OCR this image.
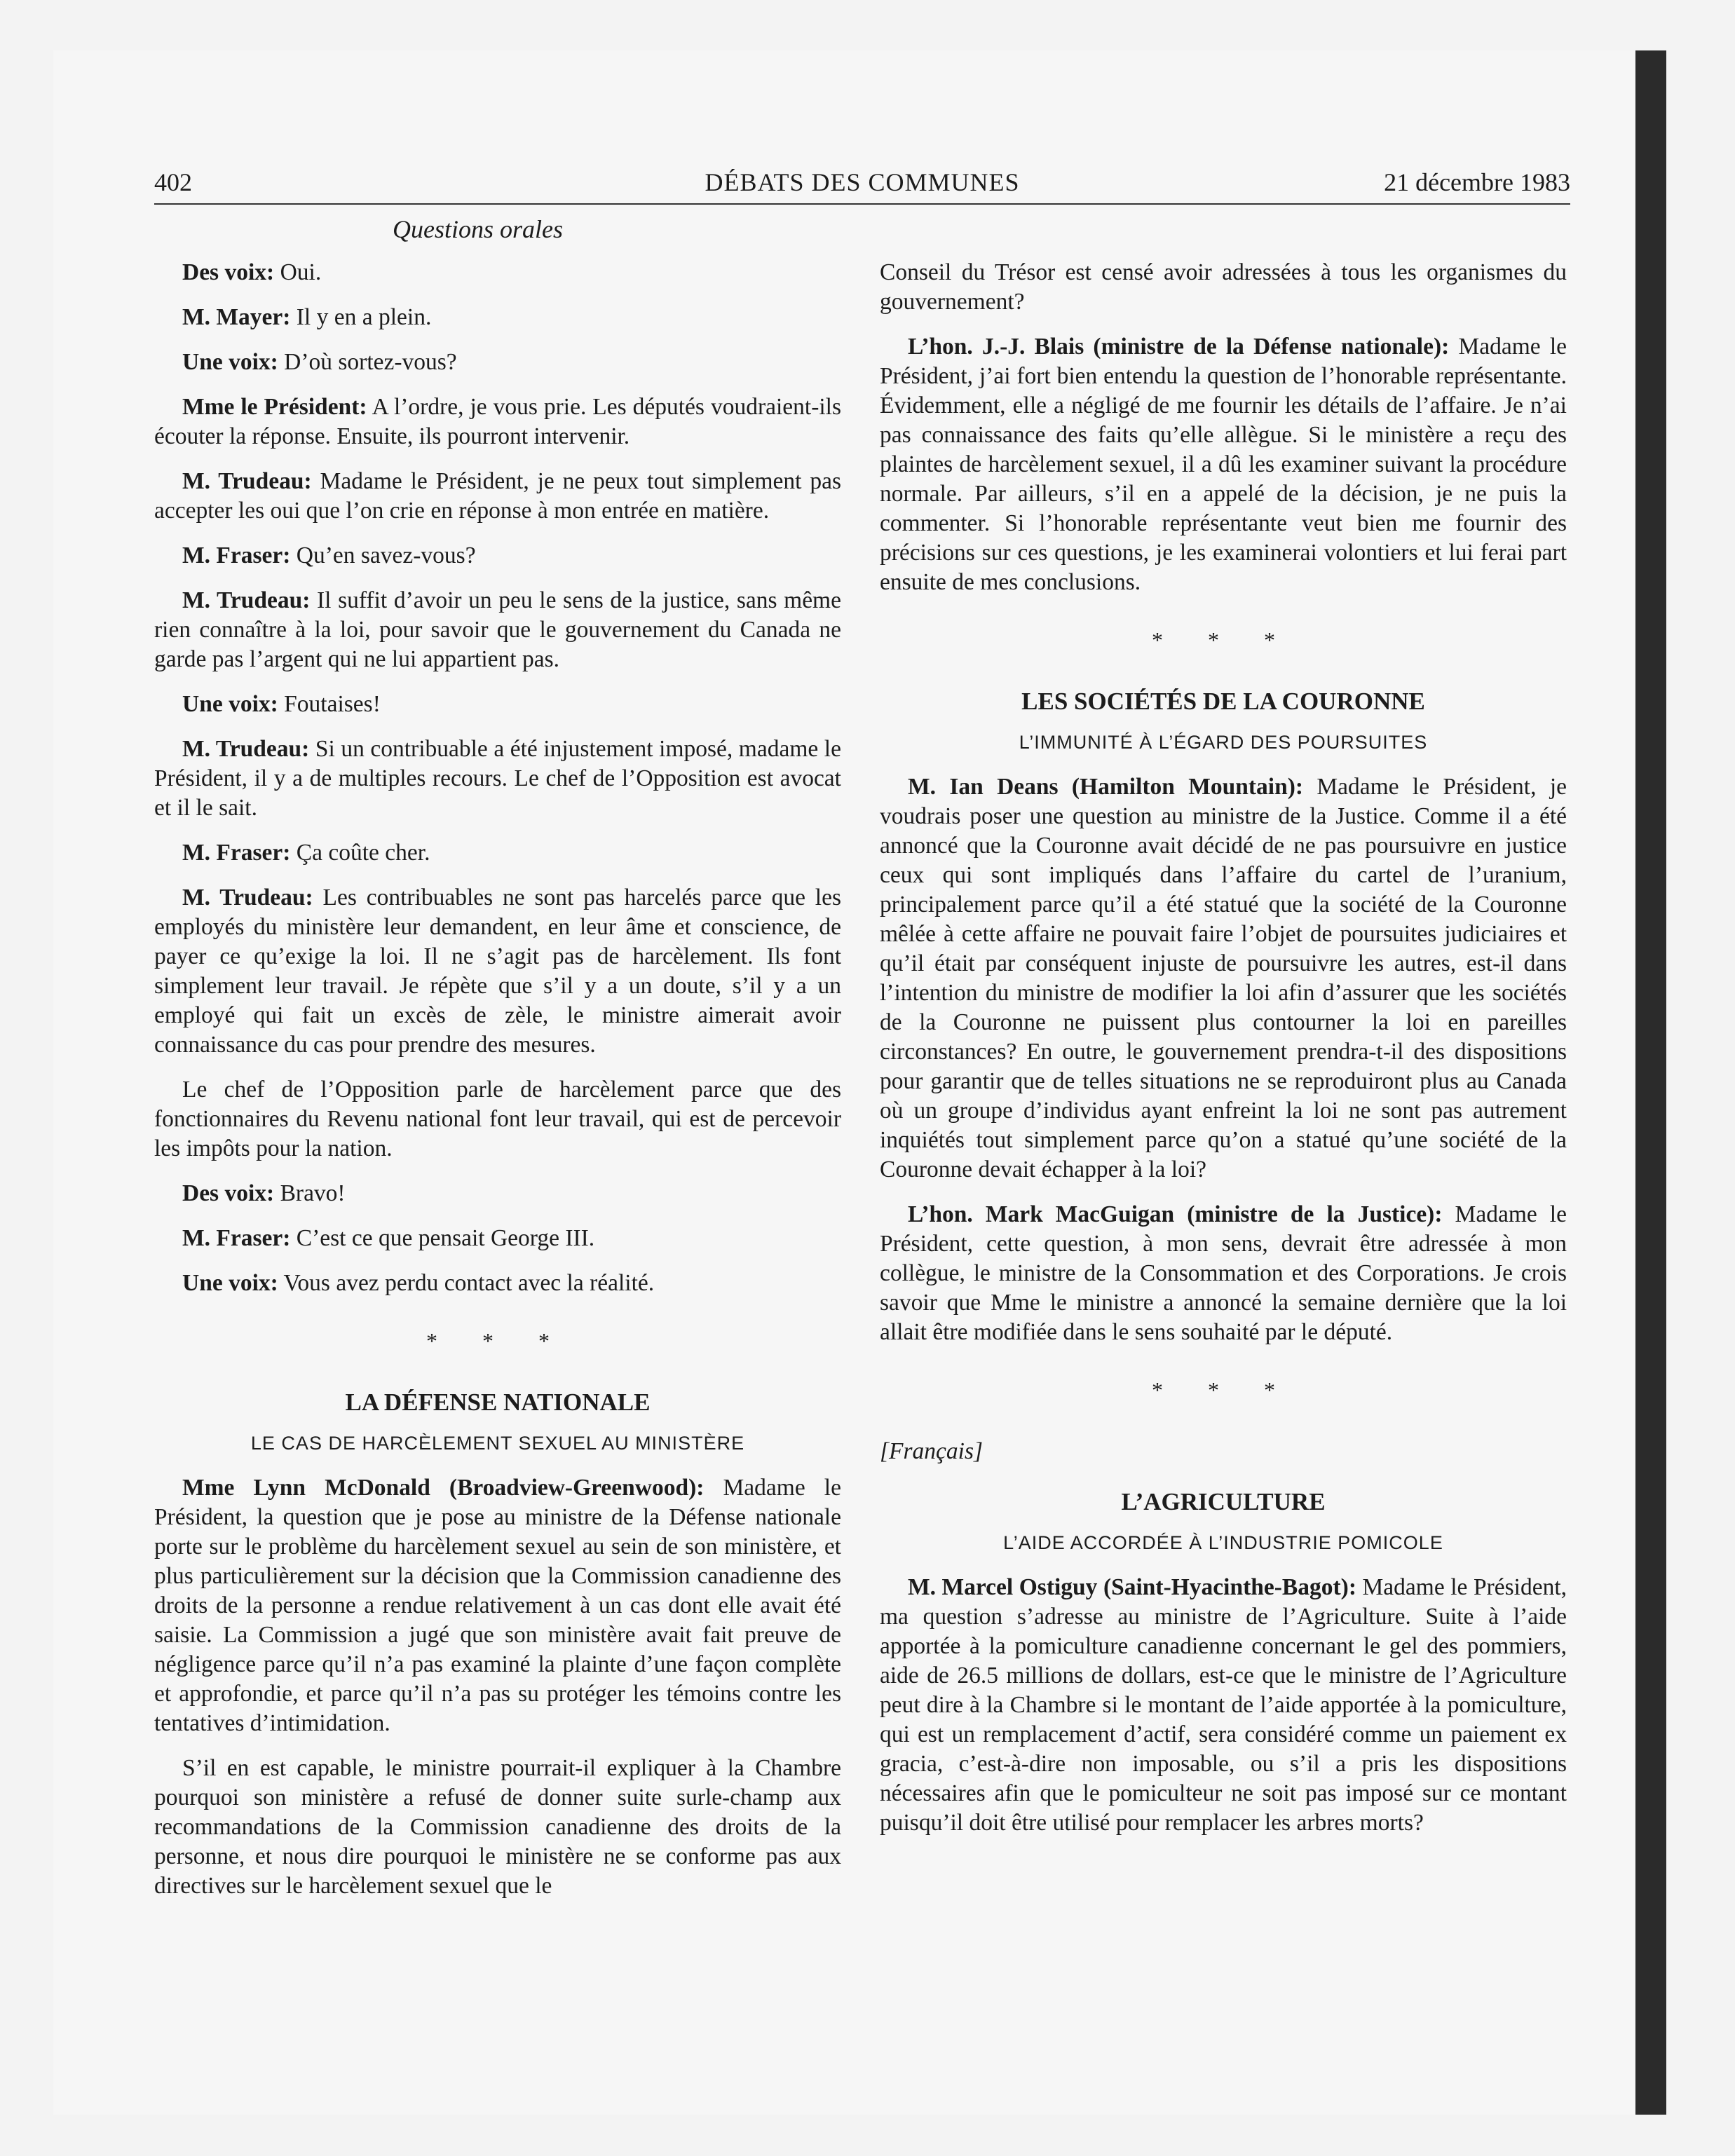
402	DÉBATS DES COMMUNES	21 décembre 1983
Questions orales

Des voix: Oui.

M. Mayer: Il y en a plein.

Une voix: D’où sortez-vous?

Mme le Président: A l’ordre, je vous prie. Les députés voudraient-ils écouter la réponse. Ensuite, ils pourront intervenir.

M. Trudeau: Madame le Président, je ne peux tout simplement pas accepter les oui que l’on crie en réponse à mon entrée en matière.

M. Fraser: Qu’en savez-vous?

M. Trudeau: Il suffit d’avoir un peu le sens de la justice, sans même rien connaître à la loi, pour savoir que le gouvernement du Canada ne garde pas l’argent qui ne lui appartient pas.

Une voix: Foutaises!

M. Trudeau: Si un contribuable a été injustement imposé, madame le Président, il y a de multiples recours. Le chef de l’Opposition est avocat et il le sait.

M. Fraser: Ça coûte cher.

M. Trudeau: Les contribuables ne sont pas harcelés parce que les employés du ministère leur demandent, en leur âme et conscience, de payer ce qu’exige la loi. Il ne s’agit pas de harcèlement. Ils font simplement leur travail. Je répète que s’il y a un doute, s’il y a un employé qui fait un excès de zèle, le ministre aimerait avoir connaissance du cas pour prendre des mesures.

Le chef de l’Opposition parle de harcèlement parce que des fonctionnaires du Revenu national font leur travail, qui est de percevoir les impôts pour la nation.

Des voix: Bravo!

M. Fraser: C’est ce que pensait George III.

Une voix: Vous avez perdu contact avec la réalité.

* * *
LA DÉFENSE NATIONALE
LE CAS DE HARCÈLEMENT SEXUEL AU MINISTÈRE

Mme Lynn McDonald (Broadview-Greenwood): Madame le Président, la question que je pose au ministre de la Défense nationale porte sur le problème du harcèlement sexuel au sein de son ministère, et plus particulièrement sur la décision que la Commission canadienne des droits de la personne a rendue relativement à un cas dont elle avait été saisie. La Commission a jugé que son ministère avait fait preuve de négligence parce qu’il n’a pas examiné la plainte d’une façon complète et approfondie, et parce qu’il n’a pas su protéger les témoins contre les tentatives d’intimidation.

S’il en est capable, le ministre pourrait-il expliquer à la Chambre pourquoi son ministère a refusé de donner suite surle-champ aux recommandations de la Commission canadienne des droits de la personne, et nous dire pourquoi le ministère ne se conforme pas aux directives sur le harcèlement sexuel que le

Conseil du Trésor est censé avoir adressées à tous les organismes du gouvernement?

L’hon. J.-J. Blais (ministre de la Défense nationale): Madame le Président, j’ai fort bien entendu la question de l’honorable représentante. Évidemment, elle a négligé de me fournir les détails de l’affaire. Je n’ai pas connaissance des faits qu’elle allègue. Si le ministère a reçu des plaintes de harcèlement sexuel, il a dû les examiner suivant la procédure normale. Par ailleurs, s’il en a appelé de la décision, je ne puis la commenter. Si l’honorable représentante veut bien me fournir des précisions sur ces questions, je les examinerai volontiers et lui ferai part ensuite de mes conclusions.

* * *
LES SOCIÉTÉS DE LA COURONNE
L’IMMUNITÉ À L’ÉGARD DES POURSUITES

M. Ian Deans (Hamilton Mountain): Madame le Président, je voudrais poser une question au ministre de la Justice. Comme il a été annoncé que la Couronne avait décidé de ne pas poursuivre en justice ceux qui sont impliqués dans l’affaire du cartel de l’uranium, principalement parce qu’il a été statué que la société de la Couronne mêlée à cette affaire ne pouvait faire l’objet de poursuites judiciaires et qu’il était par conséquent injuste de poursuivre les autres, est-il dans l’intention du ministre de modifier la loi afin d’assurer que les sociétés de la Couronne ne puissent plus contourner la loi en pareilles circonstances? En outre, le gouvernement prendra-t-il des dispositions pour garantir que de telles situations ne se reproduiront plus au Canada où un groupe d’individus ayant enfreint la loi ne sont pas autrement inquiétés tout simplement parce qu’on a statué qu’une société de la Couronne devait échapper à la loi?

L’hon. Mark MacGuigan (ministre de la Justice): Madame le Président, cette question, à mon sens, devrait être adressée à mon collègue, le ministre de la Consommation et des Corporations. Je crois savoir que Mme le ministre a annoncé la semaine dernière que la loi allait être modifiée dans le sens souhaité par le député.

* * *
[Français]
L’AGRICULTURE
L’AIDE ACCORDÉE À L’INDUSTRIE POMICOLE

M. Marcel Ostiguy (Saint-Hyacinthe-Bagot): Madame le Président, ma question s’adresse au ministre de l’Agriculture. Suite à l’aide apportée à la pomiculture canadienne concernant le gel des pommiers, aide de 26.5 millions de dollars, est-ce que le ministre de l’Agriculture peut dire à la Chambre si le montant de l’aide apportée à la pomiculture, qui est un remplacement d’actif, sera considéré comme un paiement ex gracia, c’est-à-dire non imposable, ou s’il a pris les dispositions nécessaires afin que le pomiculteur ne soit pas imposé sur ce montant puisqu’il doit être utilisé pour remplacer les arbres morts?
